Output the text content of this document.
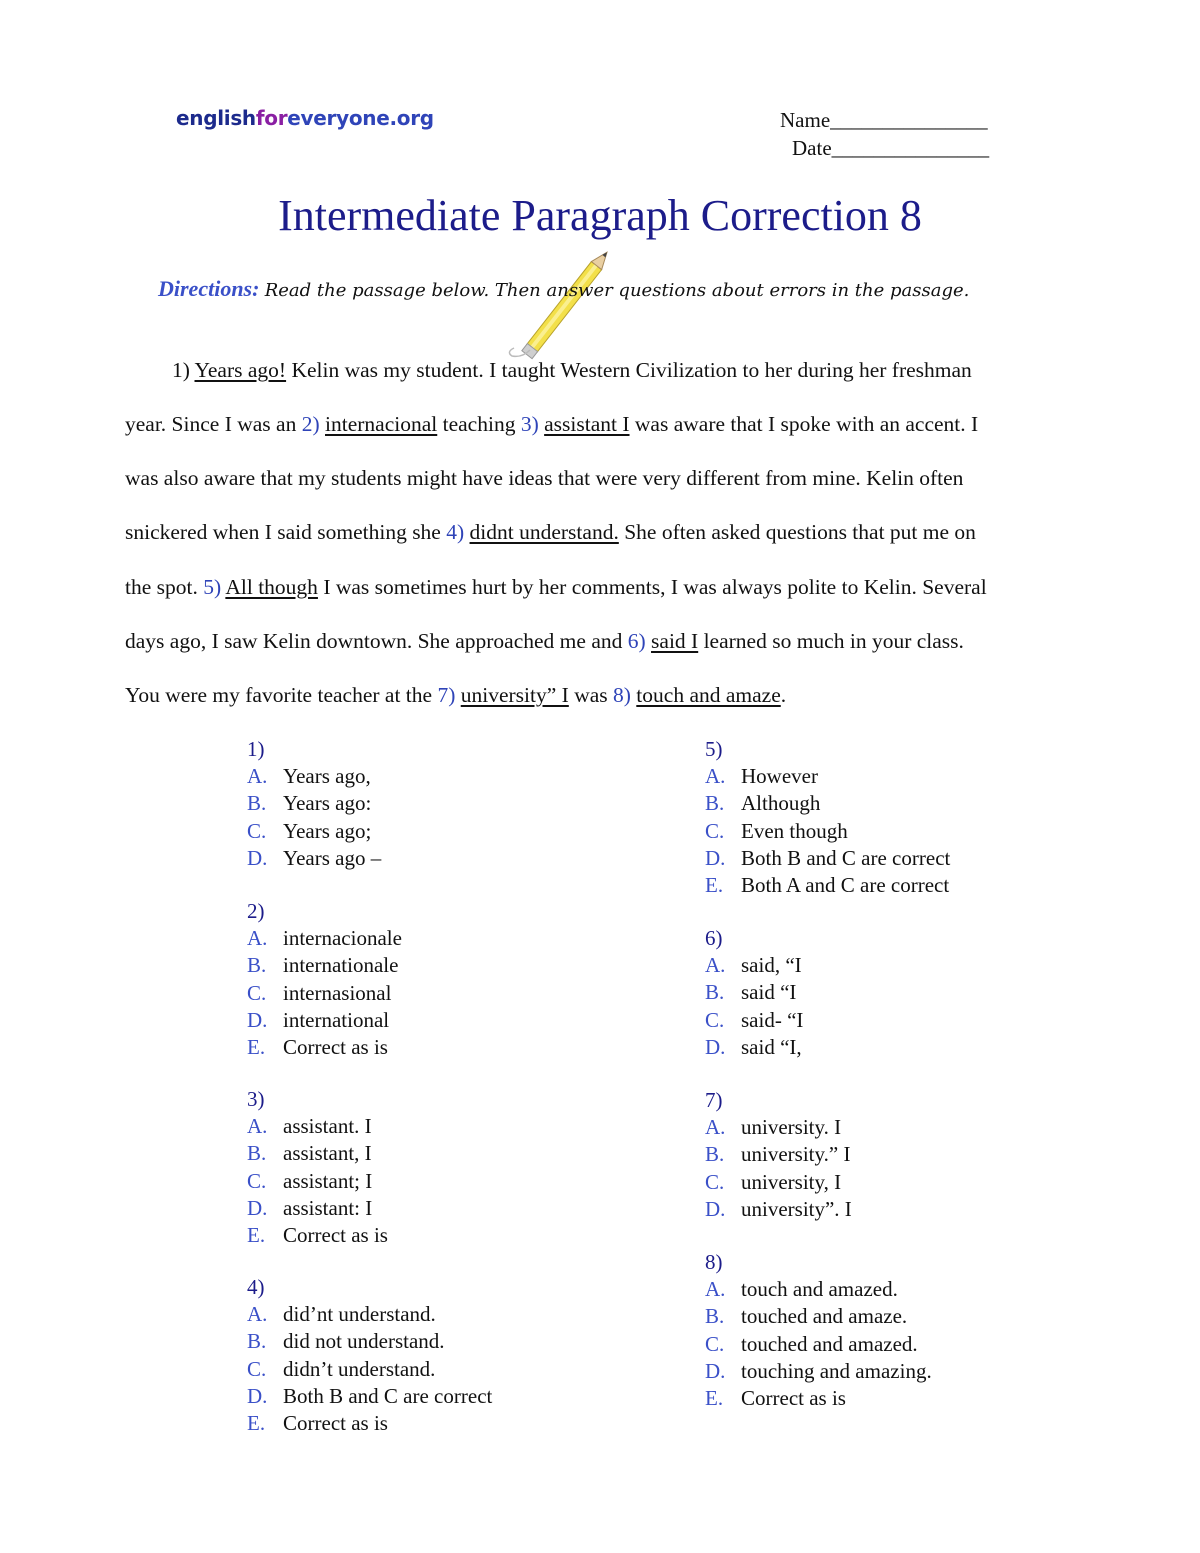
englishforeveryone.org	Name_______________
Date_______________
Intermediate Paragraph Correction 8
Directions: Read the passage below. Then answer questions about errors in the passage.
1) Years ago! Kelin was my student. I taught Western Civilization to her during her freshman
year. Since I was an 2) internacional teaching 3) assistant I was aware that I spoke with an accent. I
was also aware that my students might have ideas that were very different from mine. Kelin often
snickered when I said something she 4) didnt understand. She often asked questions that put me on
the spot. 5) All though I was sometimes hurt by her comments, I was always polite to Kelin. Several
days ago, I saw Kelin downtown. She approached me and 6) said I learned so much in your class.
You were my favorite teacher at the 7) university” I was 8) touch and amaze.
1)
A. Years ago,
B. Years ago:
C. Years ago;
D. Years ago –
2)
A. internacionale
B. internationale
C. internasional
D. international
E. Correct as is
3)
A. assistant. I
B. assistant, I
C. assistant; I
D. assistant: I
E. Correct as is
4)
A. did’nt understand.
B. did not understand.
C. didn’t understand.
D. Both B and C are correct
E. Correct as is
5)
A. However
B. Although
C. Even though
D. Both B and C are correct
E. Both A and C are correct
6)
A. said, “I
B. said “I
C. said- “I
D. said “I,
7)
A. university. I
B. university.” I
C. university, I
D. university”. I
8)
A. touch and amazed.
B. touched and amaze.
C. touched and amazed.
D. touching and amazing.
E. Correct as is
